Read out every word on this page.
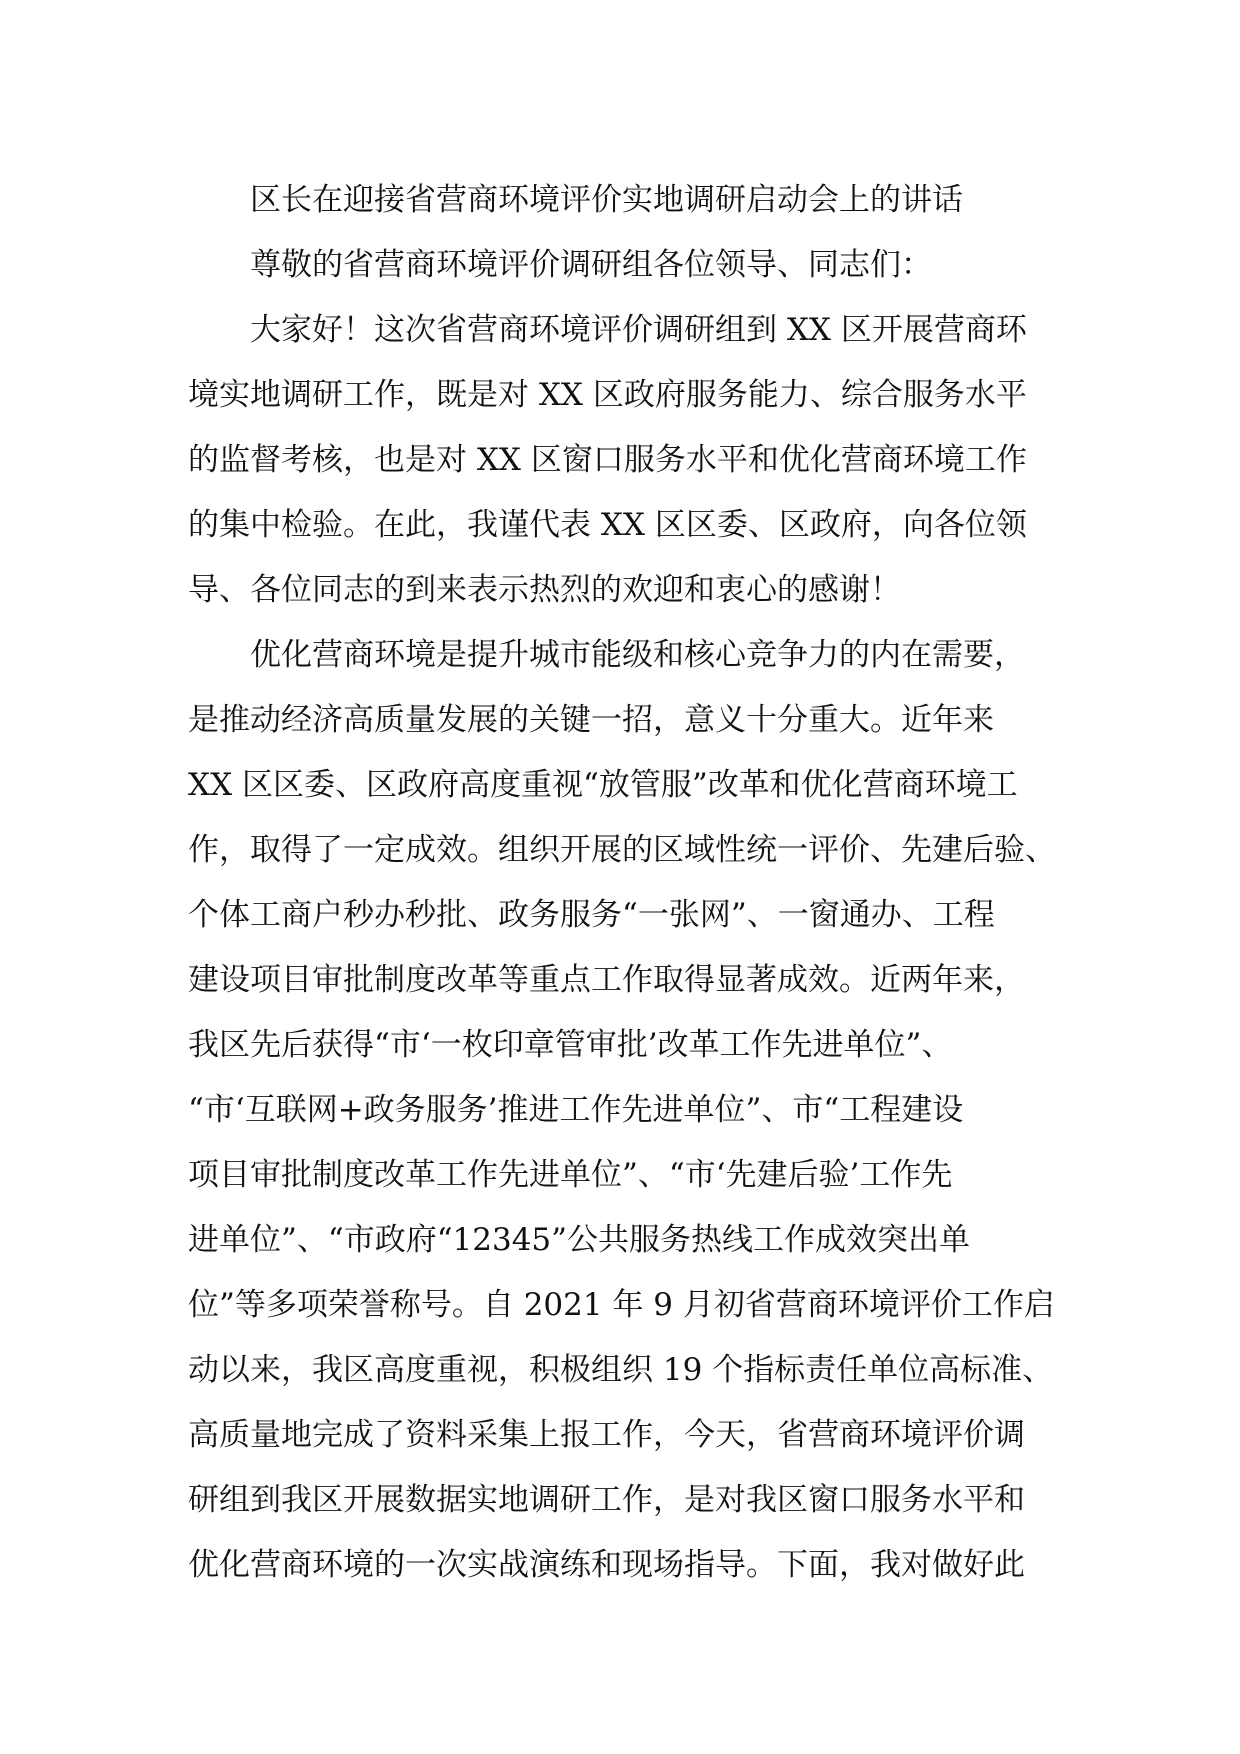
区长在迎接省营商环境评价实地调研启动会上的讲话
尊敬的省营商环境评价调研组各位领导、同志们：
大家好！这次省营商环境评价调研组到 XX 区开展营商环
境实地调研工作，既是对 XX 区政府服务能力、综合服务水平
的监督考核，也是对 XX 区窗口服务水平和优化营商环境工作
的集中检验。在此，我谨代表 XX 区区委、区政府，向各位领
导、各位同志的到来表示热烈的欢迎和衷心的感谢！
优化营商环境是提升城市能级和核心竞争力的内在需要，
是推动经济高质量发展的关键一招，意义十分重大。近年来
XX 区区委、区政府高度重视“放管服”改革和优化营商环境工
作，取得了一定成效。组织开展的区域性统一评价、先建后验、
个体工商户秒办秒批、政务服务“一张网”、一窗通办、工程
建设项目审批制度改革等重点工作取得显著成效。近两年来，
我区先后获得“市‘一枚印章管审批’改革工作先进单位”、
“市‘互联网+政务服务’推进工作先进单位”、市“工程建设
项目审批制度改革工作先进单位”、“市‘先建后验’工作先
进单位”、“市政府“12345”公共服务热线工作成效突出单
位”等多项荣誉称号。自 2021 年 9 月初省营商环境评价工作启
动以来，我区高度重视，积极组织 19 个指标责任单位高标准、
高质量地完成了资料采集上报工作，今天，省营商环境评价调
研组到我区开展数据实地调研工作，是对我区窗口服务水平和
优化营商环境的一次实战演练和现场指导。下面，我对做好此
